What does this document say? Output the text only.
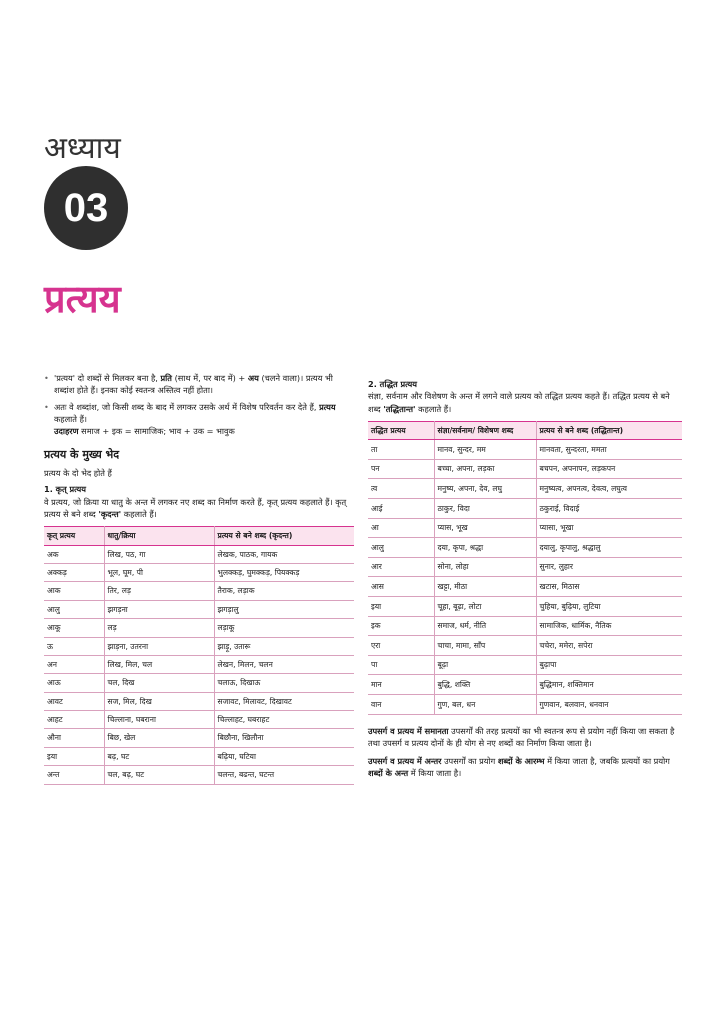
अध्याय
03
प्रत्यय
• 'प्रत्यय' दो शब्दों से मिलकर बना है, प्रति (साथ में, पर बाद में) + अय (चलने वाला)। प्रत्यय भी शब्दांश होते हैं। इनका कोई स्वतन्त्र अस्तित्व नहीं होता।
• अतः वे शब्दांश, जो किसी शब्द के बाद में लगकर उसके अर्थ में विशेष परिवर्तन कर देते हैं, प्रत्यय कहलाते हैं।
उदाहरण समाज + इक = सामाजिक; भाव + उक = भावुक
प्रत्यय के मुख्य भेद

प्रत्यय के दो भेद होते हैं

1. कृत् प्रत्यय

वे प्रत्यय, जो क्रिया या धातु के अन्त में लगकर नए शब्द का निर्माण करते हैं, कृत् प्रत्यय कहलाते हैं। कृत् प्रत्यय से बने शब्द 'कृदन्त' कहलाते हैं।

कृत् प्रत्यय	धातु/क्रिया	प्रत्यय से बने शब्द (कृदन्त)
अक	लिख, पठ, गा	लेखक, पाठक, गायक
अक्कड़	भूल, घूम, पी	भुलक्कड़, घुमक्कड़, पियक्कड़
आक	तिर, लड़	तैराक, लड़ाक
आलु	झगड़ना	झगड़ालु
आकू	लड़	लड़ाकू
ऊ	झाड़ना, उतरना	झाड़ू, उतारू
अन	लिख, मिल, चल	लेखन, मिलन, चलन
आऊ	चल, दिख	चलाऊ, दिखाऊ
आवट	सज, मिल, दिख	सजावट, मिलावट, दिखावट
आहट	चिल्लाना, घबराना	चिल्लाहट, घबराहट
औना	बिछ, खेल	बिछौना, खिलौना
इया	बढ़, घट	बढ़िया, घटिया
अन्त	चल, बढ़, घट	चलन्त, बढन्त, घटन्त
2. तद्धित प्रत्यय

संज्ञा, सर्वनाम और विशेषण के अन्त में लगने वाले प्रत्यय को तद्धित प्रत्यय कहते हैं। तद्धित प्रत्यय से बने शब्द 'तद्धितान्त' कहलाते हैं।

तद्धित प्रत्यय	संज्ञा/सर्वनाम/ विशेषण शब्द	प्रत्यय से बने शब्द (तद्धितान्त)
ता	मानव, सुन्दर, मम	मानवता, सुन्दरता, ममता
पन	बच्चा, अपना, लड़का	बचपन, अपनापन, लड़कपन
त्व	मनुष्य, अपना, देव, लघु	मनुष्यत्व, अपनत्व, देवत्व, लघुत्व
आई	ठाकुर, विदा	ठकुराई, विदाई
आ	प्यास, भूख	प्यासा, भूखा
आलु	दया, कृपा, श्रद्धा	दयालु, कृपालु, श्रद्धालु
आर	सोना, लोहा	सुनार, लुहार
आस	खट्टा, मीठा	खटास, मिठास
इया	चूहा, बूढ़ा, लोटा	चुहिया, बुढ़िया, लुटिया
इक	समाज, धर्म, नीति	सामाजिक, धार्मिक, नैतिक
एरा	चाचा, मामा, साँप	चचेरा, ममेरा, सपेरा
पा	बूढ़ा	बुढ़ापा
मान	बुद्धि, शक्ति	बुद्धिमान, शक्तिमान
वान	गुण, बल, धन	गुणवान, बलवान, धनवान

उपसर्ग व प्रत्यय में समानता उपसर्गों की तरह प्रत्ययों का भी स्वतन्त्र रूप से प्रयोग नहीं किया जा सकता है तथा उपसर्ग व प्रत्यय दोनों के ही योग से नए शब्दों का निर्माण किया जाता है।

उपसर्ग व प्रत्यय में अन्तर उपसर्गों का प्रयोग शब्दों के आरम्भ में किया जाता है, जबकि प्रत्ययों का प्रयोग शब्दों के अन्त में किया जाता है।
